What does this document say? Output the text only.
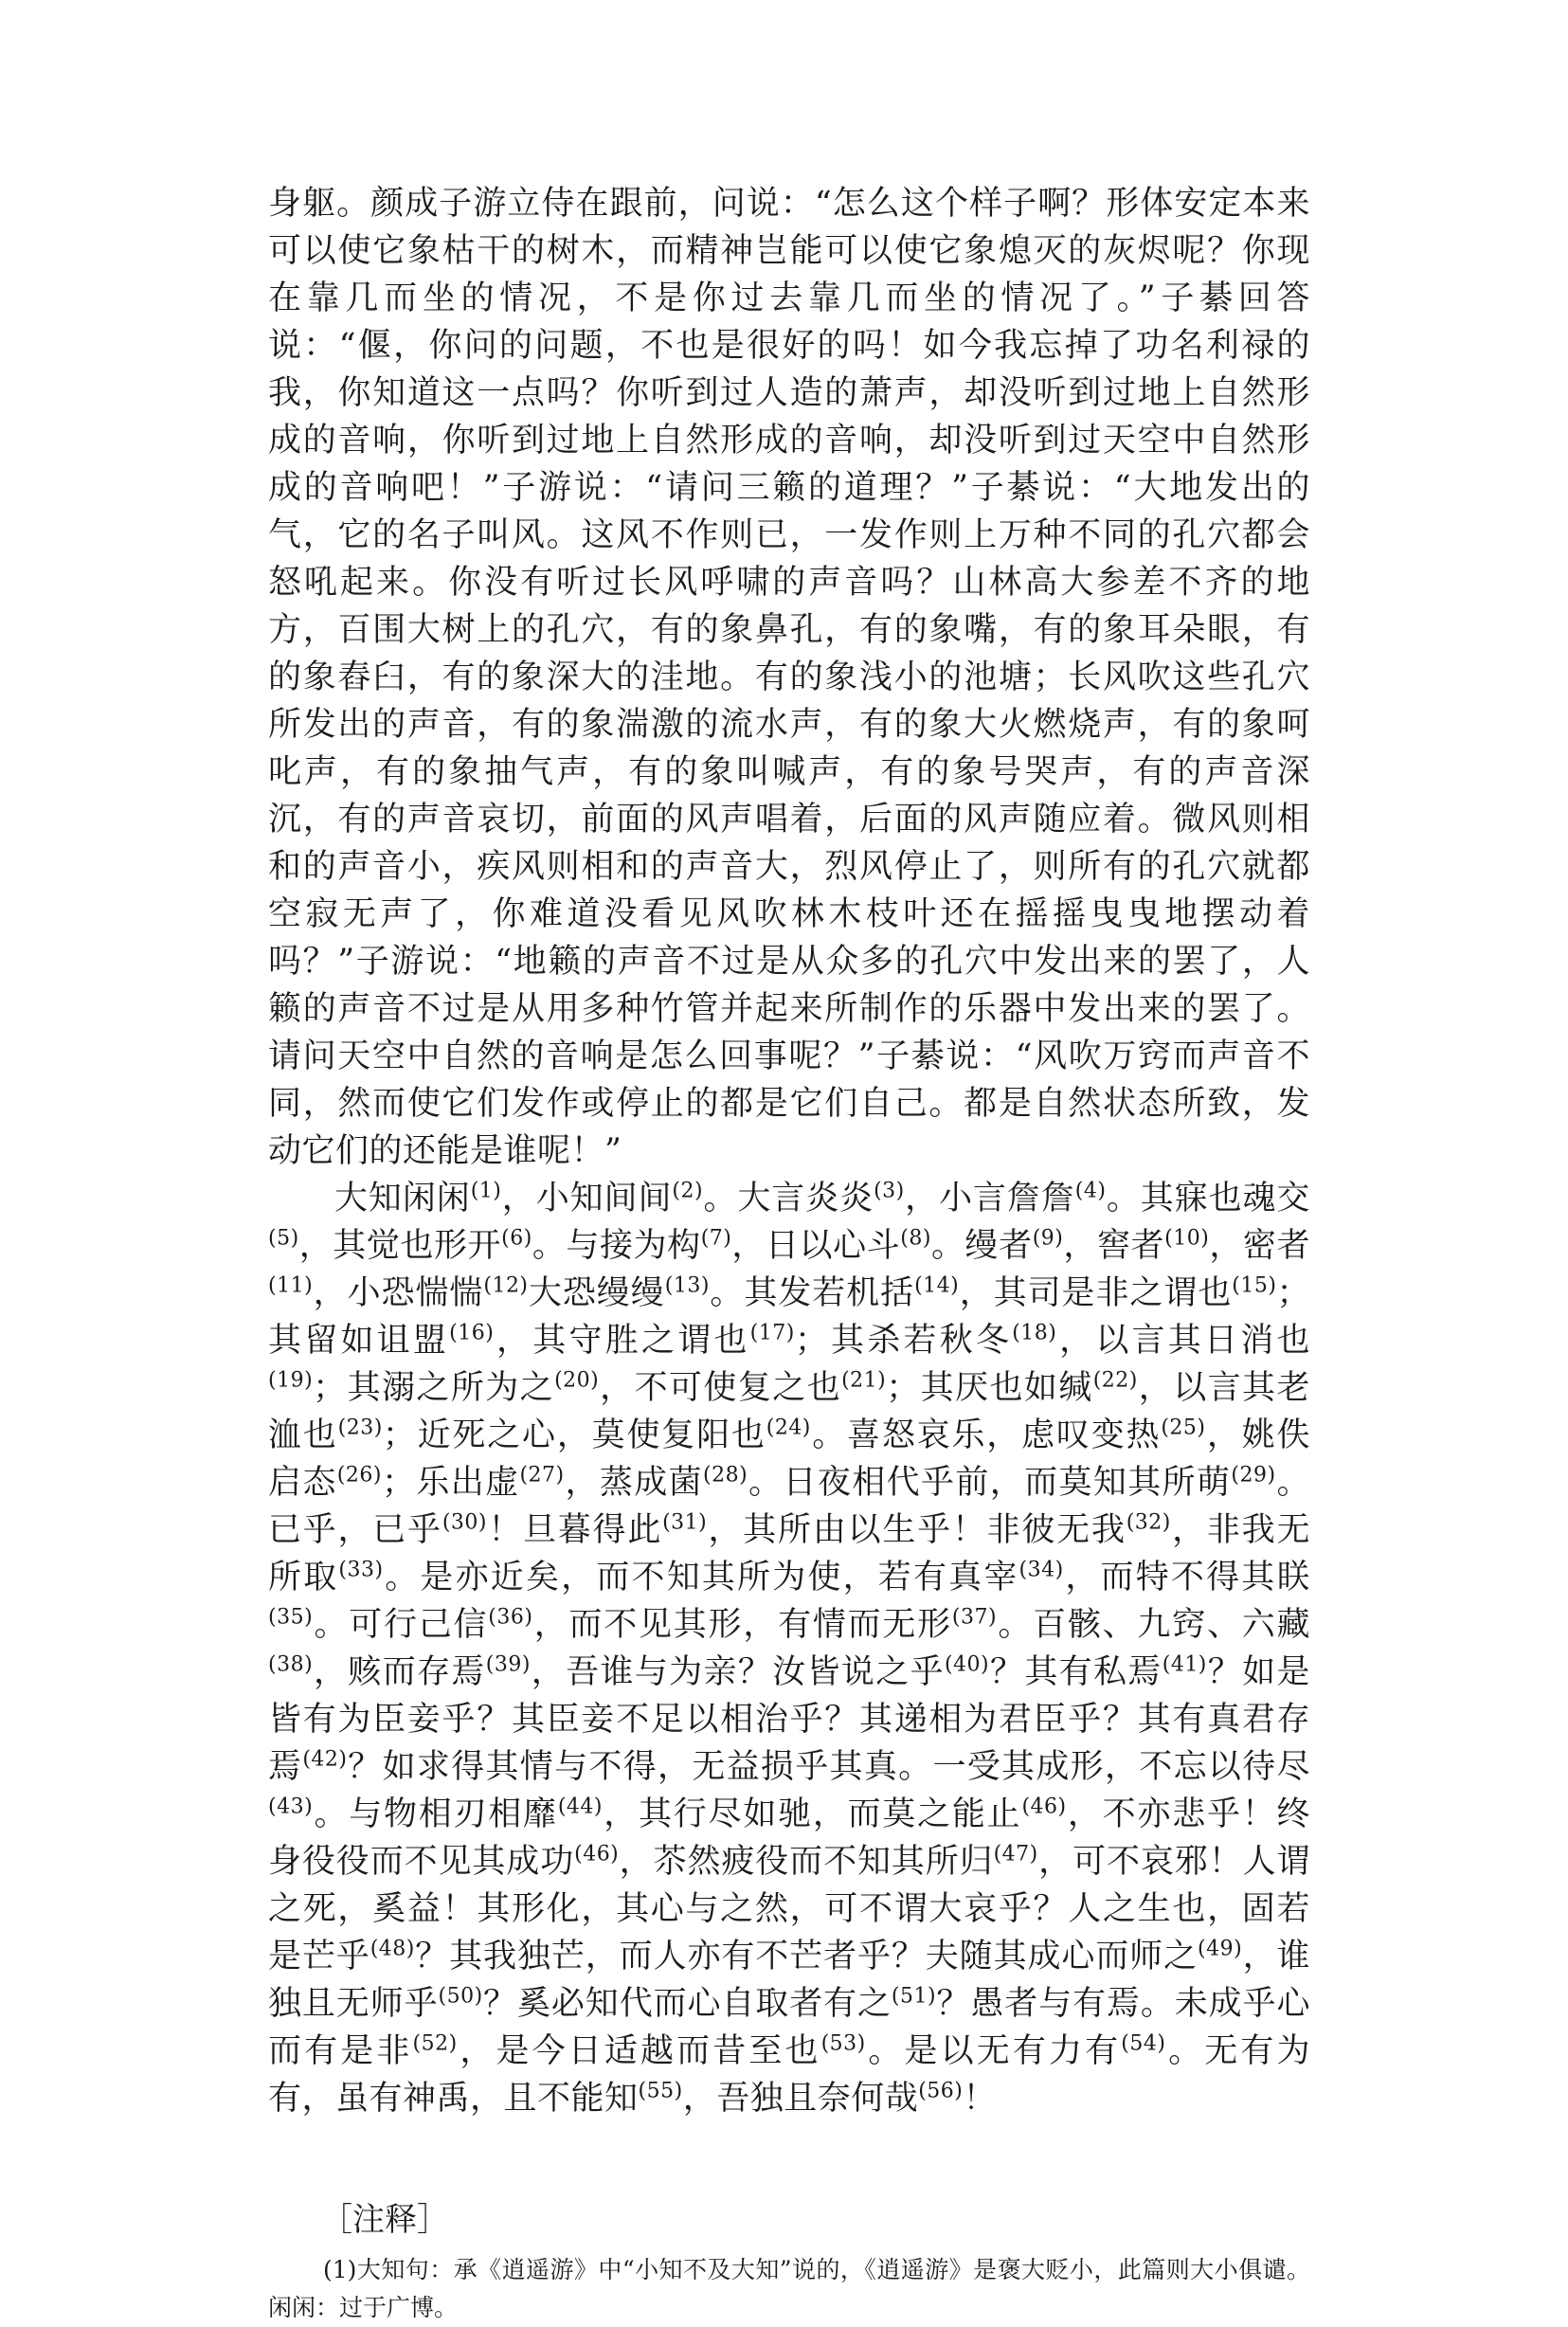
身躯。颜成子游立侍在跟前，问说：“怎么这个样子啊？形体安定本来可以使它象枯干的树木，而精神岂能可以使它象熄灭的灰烬呢？你现在靠几而坐的情况，不是你过去靠几而坐的情况了。”子綦回答说：“偃，你问的问题，不也是很好的吗！如今我忘掉了功名利禄的我，你知道这一点吗？你听到过人造的萧声，却没听到过地上自然形成的音响，你听到过地上自然形成的音响，却没听到过天空中自然形成的音响吧！”子游说：“请问三籁的道理？”子綦说：“大地发出的气，它的名子叫风。这风不作则已，一发作则上万种不同的孔穴都会怒吼起来。你没有听过长风呼啸的声音吗？山林高大参差不齐的地方，百围大树上的孔穴，有的象鼻孔，有的象嘴，有的象耳朵眼，有的象舂臼，有的象深大的洼地。有的象浅小的池塘；长风吹这些孔穴所发出的声音，有的象湍激的流水声，有的象大火燃烧声，有的象呵叱声，有的象抽气声，有的象叫喊声，有的象号哭声，有的声音深沉，有的声音哀切，前面的风声唱着，后面的风声随应着。微风则相和的声音小，疾风则相和的声音大，烈风停止了，则所有的孔穴就都空寂无声了，你难道没看见风吹林木枝叶还在摇摇曳曳地摆动着吗？”子游说：“地籁的声音不过是从众多的孔穴中发出来的罢了，人籁的声音不过是从用多种竹管并起来所制作的乐器中发出来的罢了。请问天空中自然的音响是怎么回事呢？”子綦说：“风吹万窍而声音不同，然而使它们发作或停止的都是它们自己。都是自然状态所致，发动它们的还能是谁呢！”

大知闲闲$^{(1)}$，小知间间$^{(2)}$。大言炎炎$^{(3)}$，小言詹詹$^{(4)}$。其寐也魂交$^{(5)}$，其觉也形开$^{(6)}$。与接为构$^{(7)}$，日以心斗$^{(8)}$。缦者$^{(9)}$，窖者$^{(10)}$，密者$^{(11)}$，小恐惴惴$^{(12)}$大恐缦缦$^{(13)}$。其发若机括$^{(14)}$，其司是非之谓也$^{(15)}$；其留如诅盟$^{(16)}$，其守胜之谓也$^{(17)}$；其杀若秋冬$^{(18)}$，以言其日消也$^{(19)}$；其溺之所为之$^{(20)}$，不可使复之也$^{(21)}$；其厌也如缄$^{(22)}$，以言其老洫也$^{(23)}$；近死之心，莫使复阳也$^{(24)}$。喜怒哀乐，虑叹变热$^{(25)}$，姚佚启态$^{(26)}$；乐出虚$^{(27)}$，蒸成菌$^{(28)}$。日夜相代乎前，而莫知其所萌$^{(29)}$。已乎，已乎$^{(30)}$！旦暮得此$^{(31)}$，其所由以生乎！非彼无我$^{(32)}$，非我无所取$^{(33)}$。是亦近矣，而不知其所为使，若有真宰$^{(34)}$，而特不得其眹$^{(35)}$。可行己信$^{(36)}$，而不见其形，有情而无形$^{(37)}$。百骸、九窍、六藏$^{(38)}$，赅而存焉$^{(39)}$，吾谁与为亲？汝皆说之乎$^{(40)}$？其有私焉$^{(41)}$？如是皆有为臣妾乎？其臣妾不足以相治乎？其递相为君臣乎？其有真君存焉$^{(42)}$？如求得其情与不得，无益损乎其真。一受其成形，不忘以待尽$^{(43)}$。与物相刃相靡$^{(44)}$，其行尽如驰，而莫之能止$^{(46)}$，不亦悲乎！终身役役而不见其成功$^{(46)}$，苶然疲役而不知其所归$^{(47)}$，可不哀邪！人谓之死，奚益！其形化，其心与之然，可不谓大哀乎？人之生也，固若是芒乎$^{(48)}$？其我独芒，而人亦有不芒者乎？夫随其成心而师之$^{(49)}$，谁独且无师乎$^{(50)}$？奚必知代而心自取者有之$^{(51)}$？愚者与有焉。未成乎心而有是非$^{(52)}$，是今日适越而昔至也$^{(53)}$。是以无有力有$^{(54)}$。无有为有，虽有神禹，且不能知$^{(55)}$，吾独且奈何哉$^{(56)}$！

［注释］

(1)大知句：承《逍遥游》中“小知不及大知”说的，《逍遥游》是褒大贬小，此篇则大小俱谴。闲闲：过于广博。
